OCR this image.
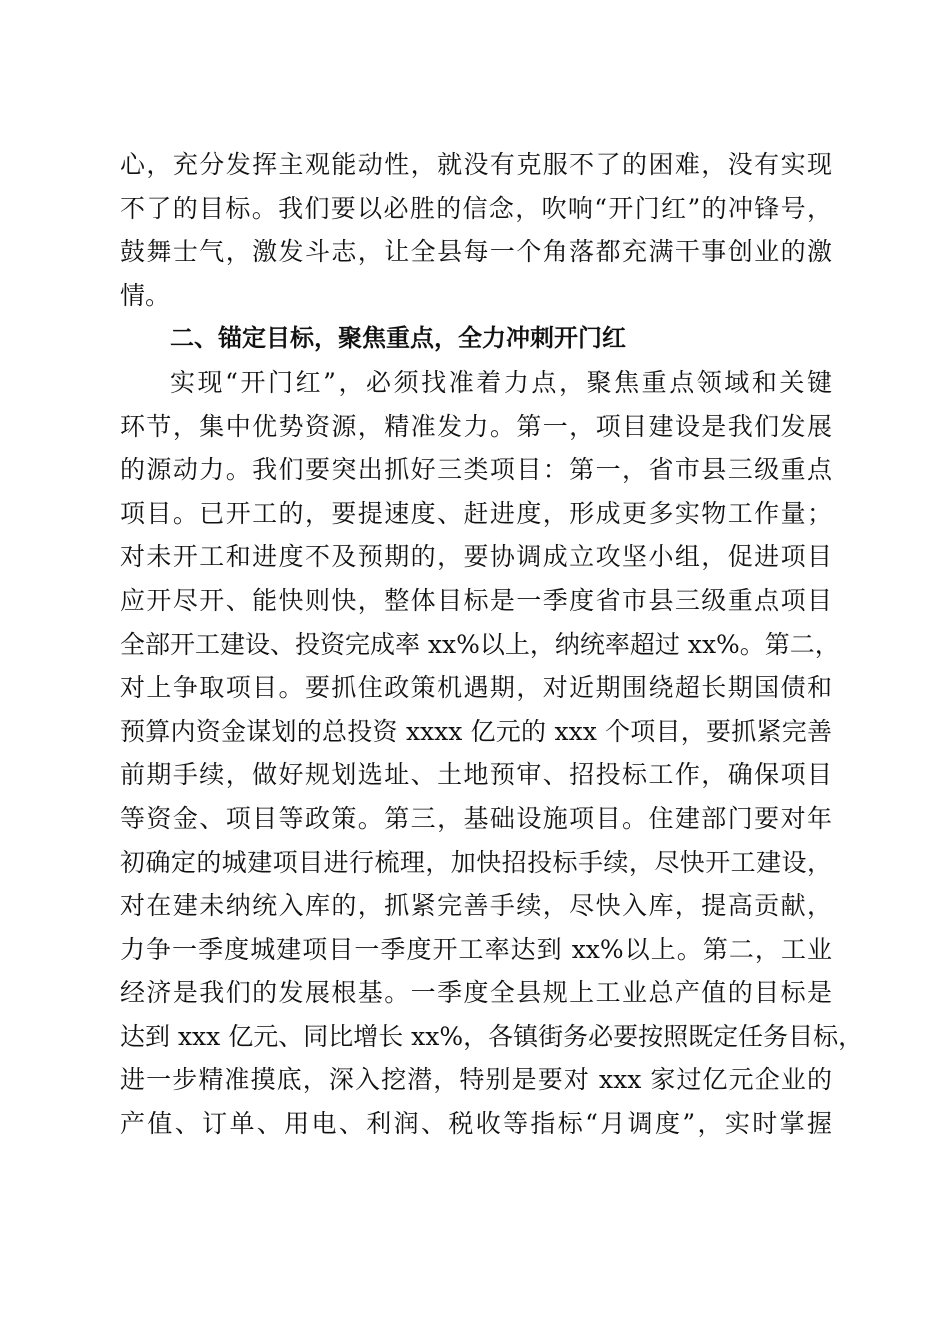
心，充分发挥主观能动性，就没有克服不了的困难，没有实现
不了的目标。我们要以必胜的信念，吹响“开门红”的冲锋号，
鼓舞士气，激发斗志，让全县每一个角落都充满干事创业的激
情。
二、锚定目标，聚焦重点，全力冲刺开门红
实现“开门红”，必须找准着力点，聚焦重点领域和关键
环节，集中优势资源，精准发力。第一，项目建设是我们发展
的源动力。我们要突出抓好三类项目：第一，省市县三级重点
项目。已开工的，要提速度、赶进度，形成更多实物工作量；
对未开工和进度不及预期的，要协调成立攻坚小组，促进项目
应开尽开、能快则快，整体目标是一季度省市县三级重点项目
全部开工建设、投资完成率 xx%以上，纳统率超过 xx%。第二，
对上争取项目。要抓住政策机遇期，对近期围绕超长期国债和
预算内资金谋划的总投资 xxxx 亿元的 xxx 个项目，要抓紧完善
前期手续，做好规划选址、土地预审、招投标工作，确保项目
等资金、项目等政策。第三，基础设施项目。住建部门要对年
初确定的城建项目进行梳理，加快招投标手续，尽快开工建设，
对在建未纳统入库的，抓紧完善手续，尽快入库，提高贡献，
力争一季度城建项目一季度开工率达到 xx%以上。第二，工业
经济是我们的发展根基。一季度全县规上工业总产值的目标是
达到 xxx 亿元、同比增长 xx%，各镇街务必要按照既定任务目标，
进一步精准摸底，深入挖潜，特别是要对 xxx 家过亿元企业的
产值、订单、用电、利润、税收等指标“月调度”，实时掌握
